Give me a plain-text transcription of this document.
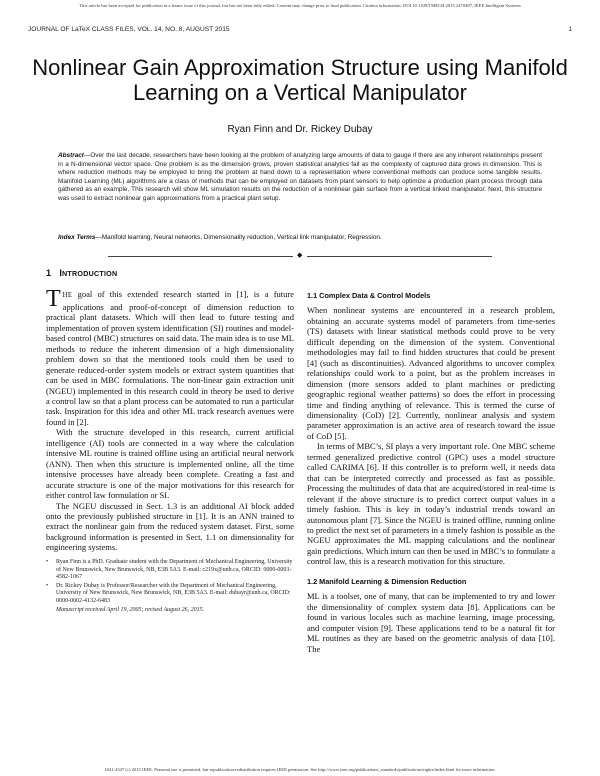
This article has been accepted for publication in a future issue of this journal, but has not been fully edited. Content may change prior to final publication. Citation information: DOI 10.1109/TMECH.2015.2470487, IEEE Intelligent Systems
JOURNAL OF LaTeX CLASS FILES, VOL. 14, NO. 8, AUGUST 2015	1
Nonlinear Gain Approximation Structure using Manifold Learning on a Vertical Manipulator
Ryan Finn and Dr. Rickey Dubay
Abstract—Over the last decade, researchers have been looking at the problem of analyzing large amounts of data to gauge if there are any inherent relationships present in a N-dimensional vector space. One problem is as the dimension grows, proven statistical analytics fail as the complexity of captured data grows in dimension. This is where reduction methods may be employed to bring the problem at hand down to a representation where conventional methods can produce some tangible results. Manifold Learning (ML) algorithms are a class of methods that can be employed on datasets from plant sensors to help optimize a production plant process through data gathered as an example. This research will show ML simulation results on the reduction of a nonlinear gain surface from a vertical linked manipulator. Next, this structure was used to extract nonlinear gain approximations from a practical plant setup.
Index Terms—Manifold learning, Neural networks, Dimensionality reduction, Vertical link manipulator, Regression.
◆
1 INTRODUCTION

THE goal of this extended research started in [1], is a future applications and proof-of-concept of dimension reduction to practical plant datasets. Which will then lead to future testing and implementation of proven system identification (SI) routines and model-based control (MBC) structures on said data. The main idea is to use ML methods to reduce the inherent dimension of a high dimensionality problem down so that the mentioned tools could then be used to generate reduced-order system models or extract system quantities that can be used in MBC formulations. The non-linear gain extraction unit (NGEU) implemented in this research could in theory be used to derive a control law so that a plant process can be automated to run a particular task. Inspiration for this idea and other ML track research avenues were found in [2].

With the structure developed in this research, current artificial intelligence (AI) tools are connected in a way where the calculation intensive ML routine is trained offline using an artificial neural network (ANN). Then when this structure is implemented online, all the time intensive processes have already been complete. Creating a fast and accurate structure is one of the major motivations for this research for either control law formulation or SI.

The NGEU discussed in Sect. 1.3 is an additional AI block added onto the previously published structure in [1]. It is an ANN trained to extract the nonlinear gain from the reduced system dataset. First, some background information is presented in Sect. 1.1 on dimensionality for engineering systems.

•	Ryan Finn is a PhD. Graduate student with the Department of Mechanical Engineering, University of New Brunswick, New Brunswick, NB, E3B 5A3. E-mail: c219x@unb.ca, ORCID: 0000-0003-4582-1067
•	Dr. Rickey Dubay is Professor/Researcher with the Department of Mechanical Engineering, University of New Brunswick, New Brunswick, NB, E3B 5A3. E-mail: dubayr@unb.ca, ORCID: 0000-0002-4132-6483
Manuscript received April 19, 2005; revised August 26, 2015.
1.1 Complex Data & Control Models

When nonlinear systems are encountered in a research problem, obtaining an accurate systems model of parameters from time-series (TS) datasets with linear statistical methods could prove to be very difficult depending on the dimension of the system. Conventional methodologies may fail to find hidden structures that could be present [4] (such as discontinuities). Advanced algorithms to uncover complex relationships could work to a point, but as the problem increases in dimension (more sensors added to plant machines or predicting geographic regional weather patterns) so does the effort in processing time and finding anything of relevance. This is termed the curse of dimensionality (CoD) [2]. Currently, nonlinear analysis and system parameter approximation is an active area of research toward the issue of CoD [5].

In terms of MBC’s, SI plays a very important role. One MBC scheme termed generalized predictive control (GPC) uses a model structure called CARIMA [6]. If this controller is to preform well, it needs data that can be interpreted correctly and processed as fast as possible. Processing the multitudes of data that are acquired/stored in real-time is relevant if the above structure is to predict correct output values in a timely fashion. This is key in today’s industrial trends toward an autonomous plant [7]. Since the NGEU is trained offline, running online to predict the next set of parameters in a timely fashion is possible as the NGEU approximates the ML mapping calculations and the nonlinear gain predictions. Which inturn can then be used in MBC’s to formulate a control law, this is a research motivation for this structure.

1.2 Manifold Learning & Dimension Reduction

ML is a toolset, one of many, that can be implemented to try and lower the dimensionality of complex system data [8]. Applications can be found in various locales such as machine learning, image processing, and computer vision [9]. These applications tend to be a natural fit for ML routines as they are based on the geometric analysis of data [10]. The

1041-4347 (c) 2015 IEEE. Personal use is permitted, but republication/redistribution requires IEEE permission. See http://www.ieee.org/publications_standards/publications/rights/index.html for more information.
